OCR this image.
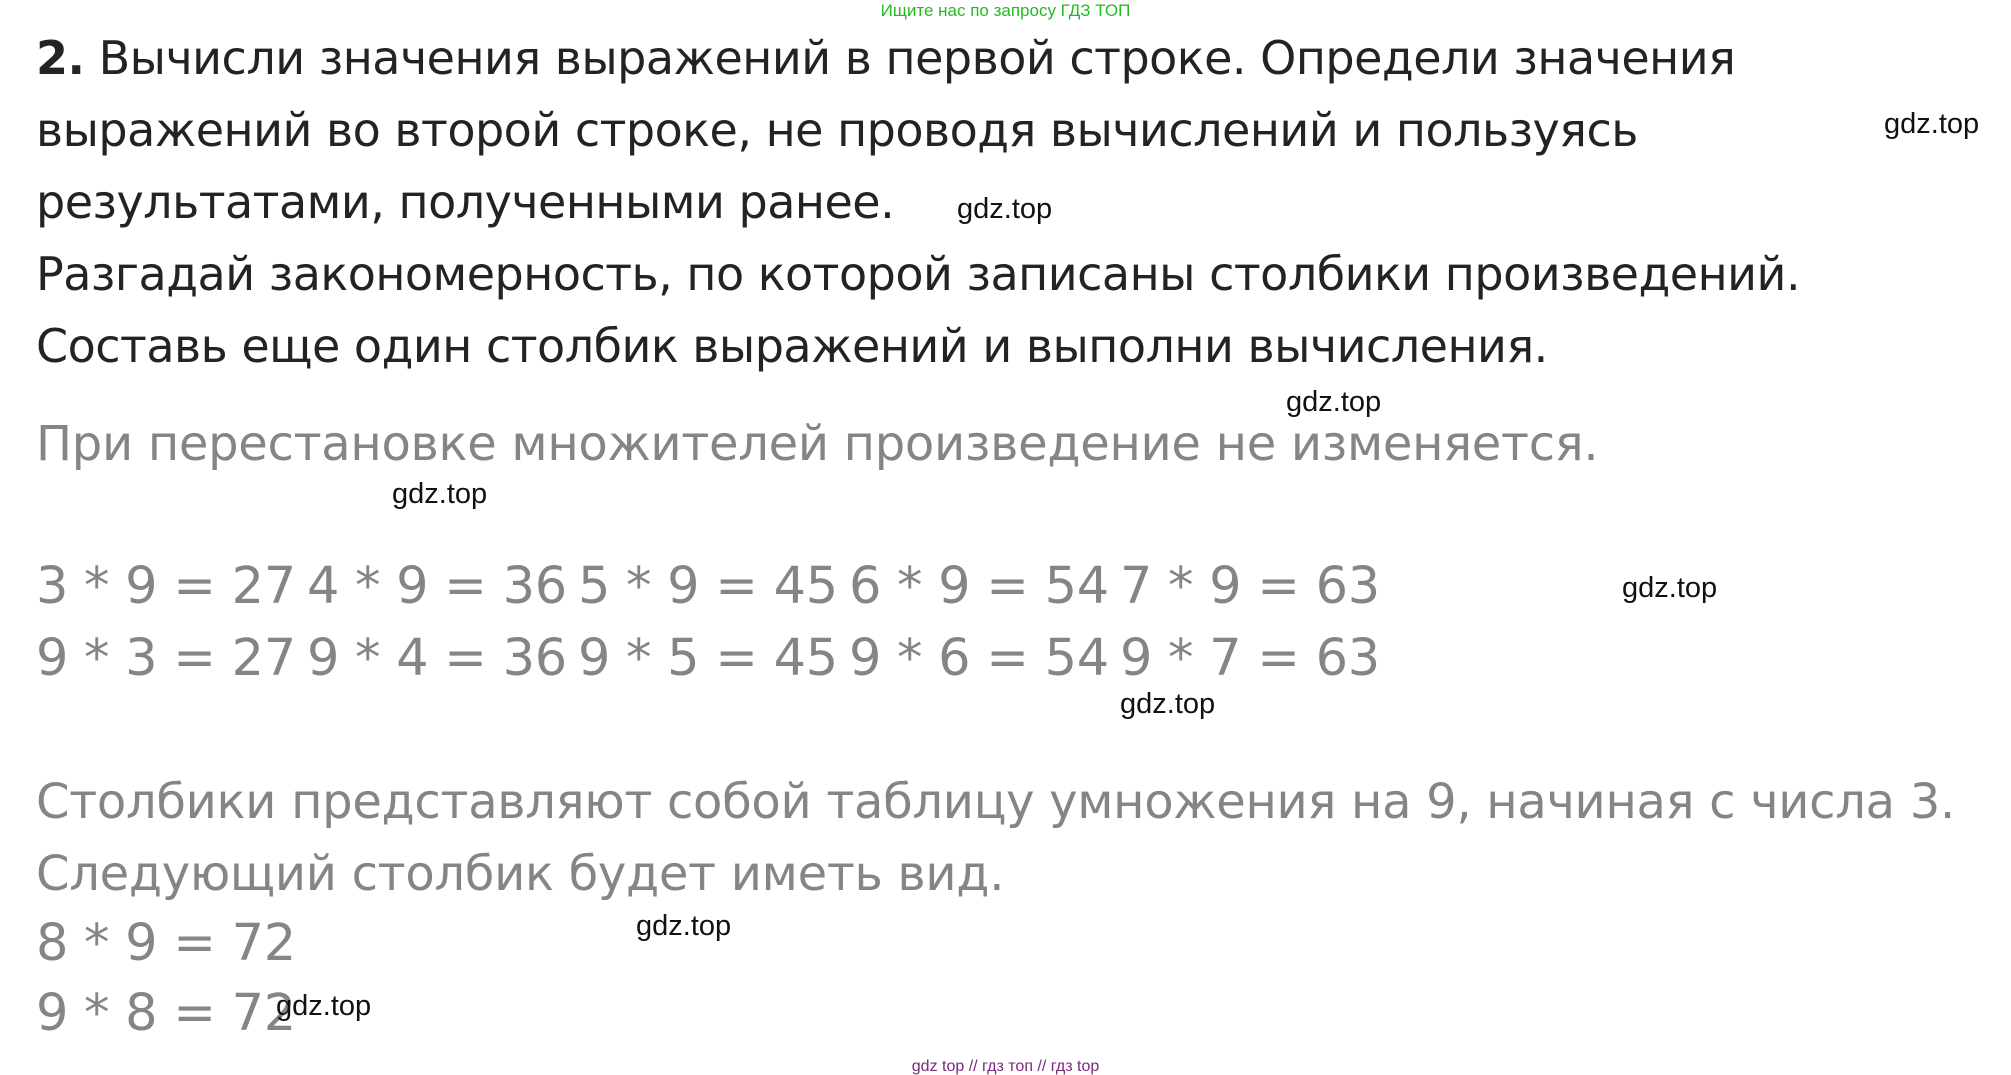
Ищите нас по запросу ГДЗ ТОП
2. Вычисли значения выражений в первой строке. Определи значения выражений во второй строке, не проводя вычислений и пользуясь результатами, полученными ранее.
Разгадай закономерность, по которой записаны столбики произведений.
Составь еще один столбик выражений и выполни вычисления.
При перестановке множителей произведение не изменяется.
3 * 9 = 27 4 * 9 = 36 5 * 9 = 45 6 * 9 = 54 7 * 9 = 63
9 * 3 = 27 9 * 4 = 36 9 * 5 = 45 9 * 6 = 54 9 * 7 = 63
Столбики представляют собой таблицу умножения на 9, начиная с числа 3.
Следующий столбик будет иметь вид.
8 * 9 = 72
9 * 8 = 72
gdz.top
gdz.top
gdz.top
gdz.top
gdz.top
gdz.top
gdz.top
gdz.top
gdz top // гдз топ // гдз top
